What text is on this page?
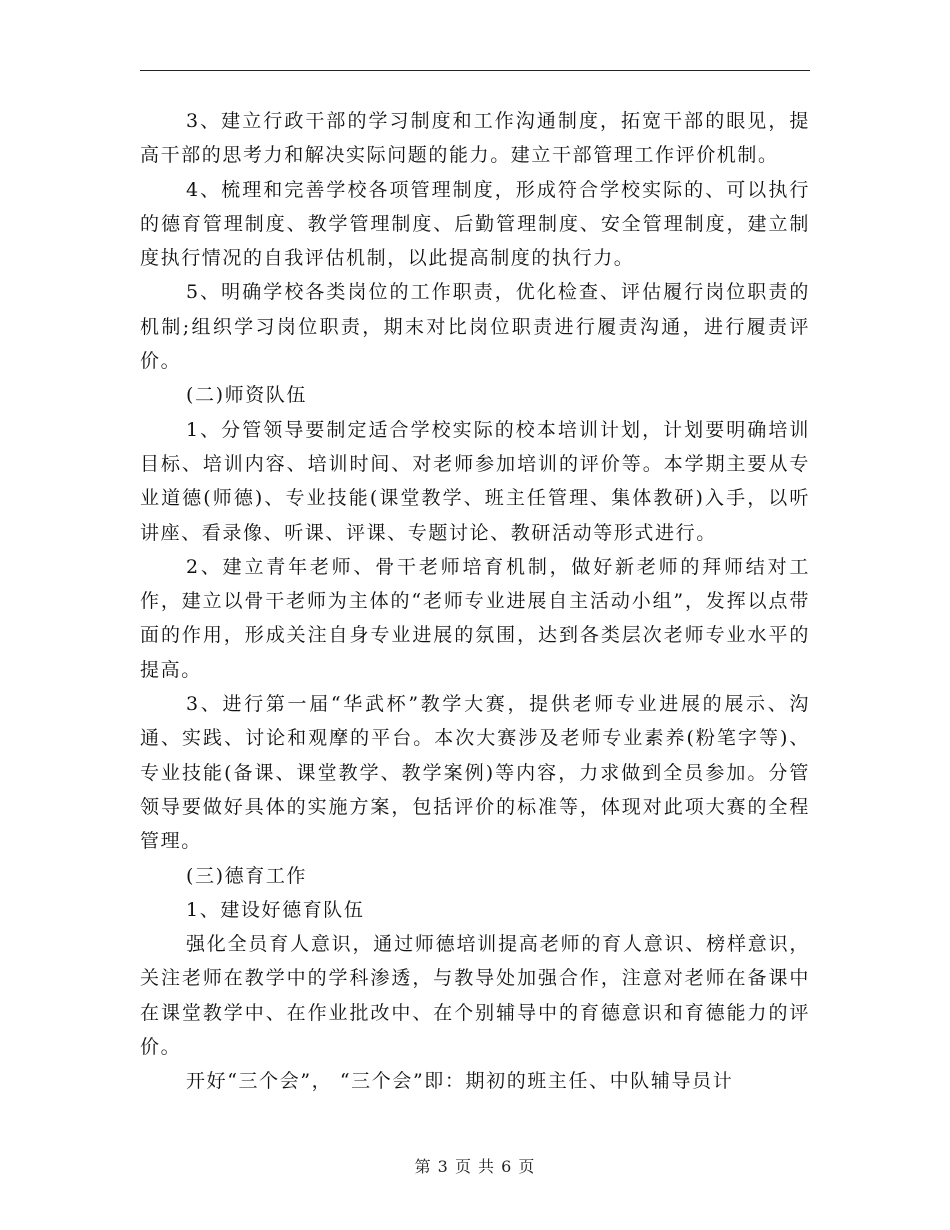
3、建立行政干部的学习制度和工作沟通制度，拓宽干部的眼见，提高干部的思考力和解决实际问题的能力。建立干部管理工作评价机制。

4、梳理和完善学校各项管理制度，形成符合学校实际的、可以执行的德育管理制度、教学管理制度、后勤管理制度、安全管理制度，建立制度执行情况的自我评估机制，以此提高制度的执行力。

5、明确学校各类岗位的工作职责，优化检查、评估履行岗位职责的机制;组织学习岗位职责，期末对比岗位职责进行履责沟通，进行履责评价。

(二)师资队伍

1、分管领导要制定适合学校实际的校本培训计划，计划要明确培训目标、培训内容、培训时间、对老师参加培训的评价等。本学期主要从专业道德(师德)、专业技能(课堂教学、班主任管理、集体教研)入手，以听讲座、看录像、听课、评课、专题讨论、教研活动等形式进行。

2、建立青年老师、骨干老师培育机制，做好新老师的拜师结对工作，建立以骨干老师为主体的“老师专业进展自主活动小组”，发挥以点带面的作用，形成关注自身专业进展的氛围，达到各类层次老师专业水平的提高。

3、进行第一届“华武杯”教学大赛，提供老师专业进展的展示、沟通、实践、讨论和观摩的平台。本次大赛涉及老师专业素养(粉笔字等)、专业技能(备课、课堂教学、教学案例)等内容，力求做到全员参加。分管领导要做好具体的实施方案，包括评价的标准等，体现对此项大赛的全程管理。

(三)德育工作

1、建设好德育队伍

强化全员育人意识，通过师德培训提高老师的育人意识、榜样意识，关注老师在教学中的学科渗透，与教导处加强合作，注意对老师在备课中在课堂教学中、在作业批改中、在个别辅导中的育德意识和育德能力的评价。

开好“三个会”， “三个会”即：期初的班主任、中队辅导员计

第 3 页 共 6 页
